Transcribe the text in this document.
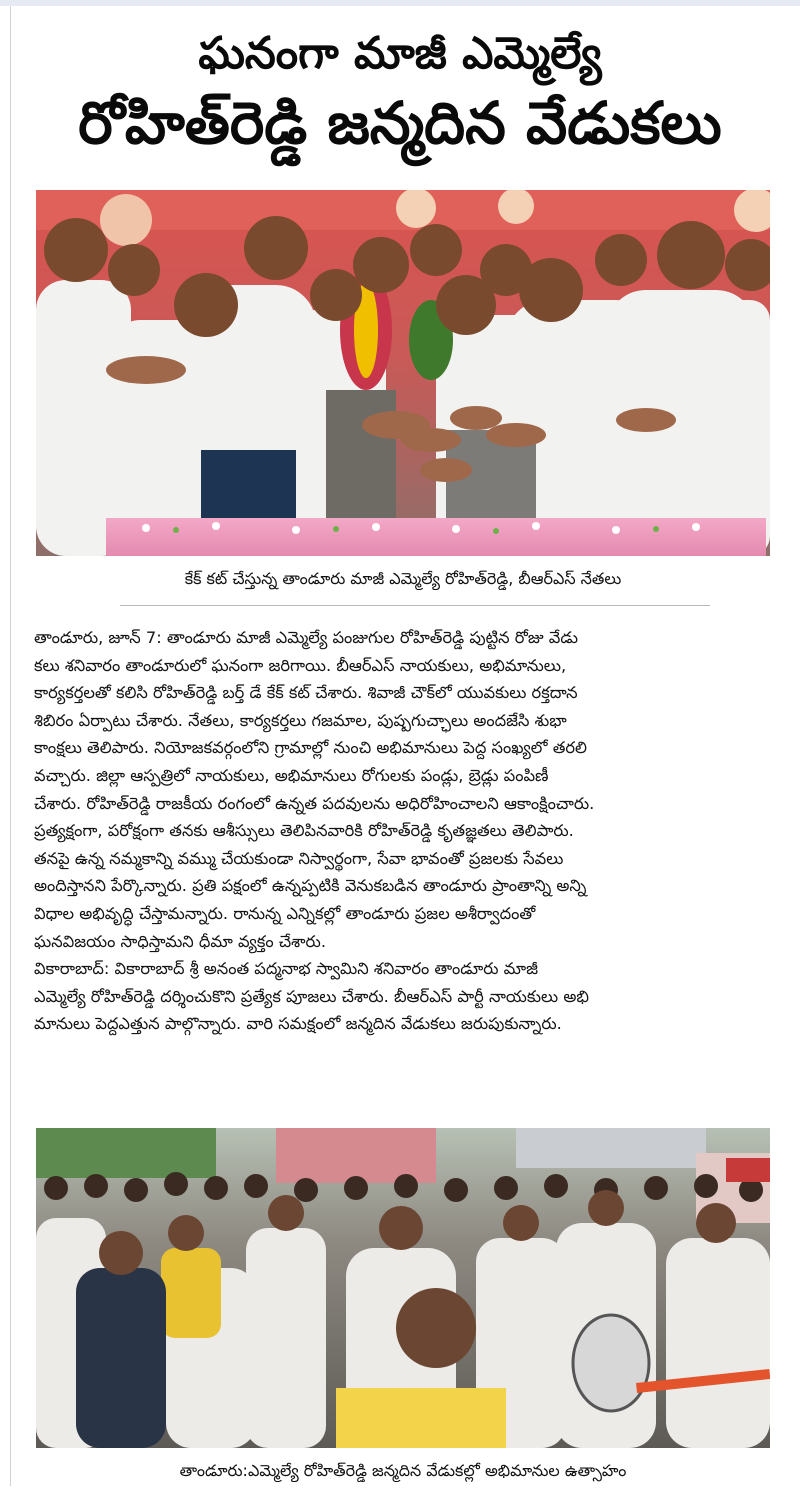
ఘనంగా మాజీ ఎమ్మెల్యే
రోహిత్‌రెడ్డి జన్మదిన వేడుకలు
కేక్ కట్ చేస్తున్న తాండూరు మాజీ ఎమ్మెల్యే రోహిత్‌రెడ్డి, బీఆర్ఎస్ నేతలు
తాండూరు, జూన్ 7: తాండూరు మాజీ ఎమ్మెల్యే పంజుగుల రోహిత్‌రెడ్డి పుట్టిన రోజు వేడు
కలు శనివారం తాండూరులో ఘనంగా జరిగాయి. బీఆర్ఎస్ నాయకులు, అభిమానులు,
కార్యకర్తలతో కలిసి రోహిత్‌రెడ్డి బర్త్ డే కేక్ కట్ చేశారు. శివాజీ చౌక్‌లో యువకులు రక్తదాన
శిబిరం ఏర్పాటు చేశారు. నేతలు, కార్యకర్తలు గజమాల, పుష్పగుచ్ఛాలు అందజేసి శుభా
కాంక్షలు తెలిపారు. నియోజకవర్గంలోని గ్రామాల్లో నుంచి అభిమానులు పెద్ద సంఖ్యలో తరలి
వచ్చారు. జిల్లా ఆస్పత్రిలో నాయకులు, అభిమానులు రోగులకు పండ్లు, బ్రెడ్లు పంపిణీ
చేశారు. రోహిత్‌రెడ్డి రాజకీయ రంగంలో ఉన్నత పదవులను అధిరోహించాలని ఆకాంక్షించారు.
ప్రత్యక్షంగా, పరోక్షంగా తనకు ఆశీస్సులు తెలిపినవారికి రోహిత్‌రెడ్డి కృతజ్ఞతలు తెలిపారు.
తనపై ఉన్న నమ్మకాన్ని వమ్ము చేయకుండా నిస్వార్థంగా, సేవా భావంతో ప్రజలకు సేవలు
అందిస్తానని పేర్కొన్నారు. ప్రతి పక్షంలో ఉన్నప్పటికి వెనుకబడిన తాండూరు ప్రాంతాన్ని అన్ని
విధాల అభివృద్ధి చేస్తామన్నారు. రానున్న ఎన్నికల్లో తాండూరు ప్రజల అశీర్వాదంతో
ఘనవిజయం సాధిస్తామని ధీమా వ్యక్తం చేశారు.
వికారాబాద్: వికారాబాద్ శ్రీ అనంత పద్మనాభ స్వామిని శనివారం తాండూరు మాజీ
ఎమ్మెల్యే రోహిత్‌రెడ్డి దర్శించుకొని ప్రత్యేక పూజలు చేశారు. బీఆర్ఎస్ పార్టీ నాయకులు అభి
మానులు పెద్దఎత్తున పాల్గొన్నారు. వారి సమక్షంలో జన్మదిన వేడుకలు జరుపుకున్నారు.
తాండూరు:ఎమ్మెల్యే రోహిత్‌రెడ్డి జన్మదిన వేడుకల్లో అభిమానుల ఉత్సాహం
